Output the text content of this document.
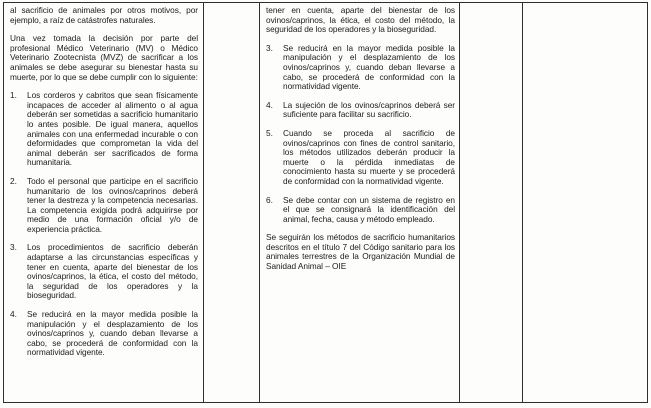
al sacrificio de animales por otros motivos, por ejemplo, a raíz de catástrofes naturales.

Una vez tomada la decisión por parte del profesional Médico Veterinario (MV) o Médico Veterinario Zootecnista (MVZ) de sacrificar a los animales se debe asegurar su bienestar hasta su muerte, por lo que se debe cumplir con lo siguiente:

1.	Los corderos y cabritos que sean físicamente incapaces de acceder al alimento o al agua deberán ser sometidas a sacrificio humanitario lo antes posible. De igual manera, aquellos animales con una enfermedad incurable o con deformidades que comprometan la vida del animal deberán ser sacrificados de forma humanitaria.
2.	Todo el personal que participe en el sacrificio humanitario de los ovinos/caprinos deberá tener la destreza y la competencia necesarias. La competencia exigida podrá adquirirse por medio de una formación oficial y/o de experiencia práctica.
3.	Los procedimientos de sacrificio deberán adaptarse a las circunstancias específicas y tener en cuenta, aparte del bienestar de los ovinos/caprinos, la ética, el costo del método, la seguridad de los operadores y la bioseguridad.
4.	Se reducirá en la mayor medida posible la manipulación y el desplazamiento de los ovinos/caprinos y, cuando deban llevarse a cabo, se procederá de conformidad con la normatividad vigente.

tener en cuenta, aparte del bienestar de los ovinos/caprinos, la ética, el costo del método, la seguridad de los operadores y la bioseguridad.

3.	Se reducirá en la mayor medida posible la manipulación y el desplazamiento de los ovinos/caprinos y, cuando deban llevarse a cabo, se procederá de conformidad con la normatividad vigente.
4.	La sujeción de los ovinos/caprinos deberá ser suficiente para facilitar su sacrificio.
5.	Cuando se proceda al sacrificio de ovinos/caprinos con fines de control sanitario, los métodos utilizados deberán producir la muerte o la pérdida inmediatas de conocimiento hasta su muerte y se procederá de conformidad con la normatividad vigente.
6.	Se debe contar con un sistema de registro en el que se consignará la identificación del animal, fecha, causa y método empleado.

Se seguirán los métodos de sacrificio humanitarios descritos en el título 7 del Código sanitario para los animales terrestres de la Organización Mundial de Sanidad Animal – OIE
